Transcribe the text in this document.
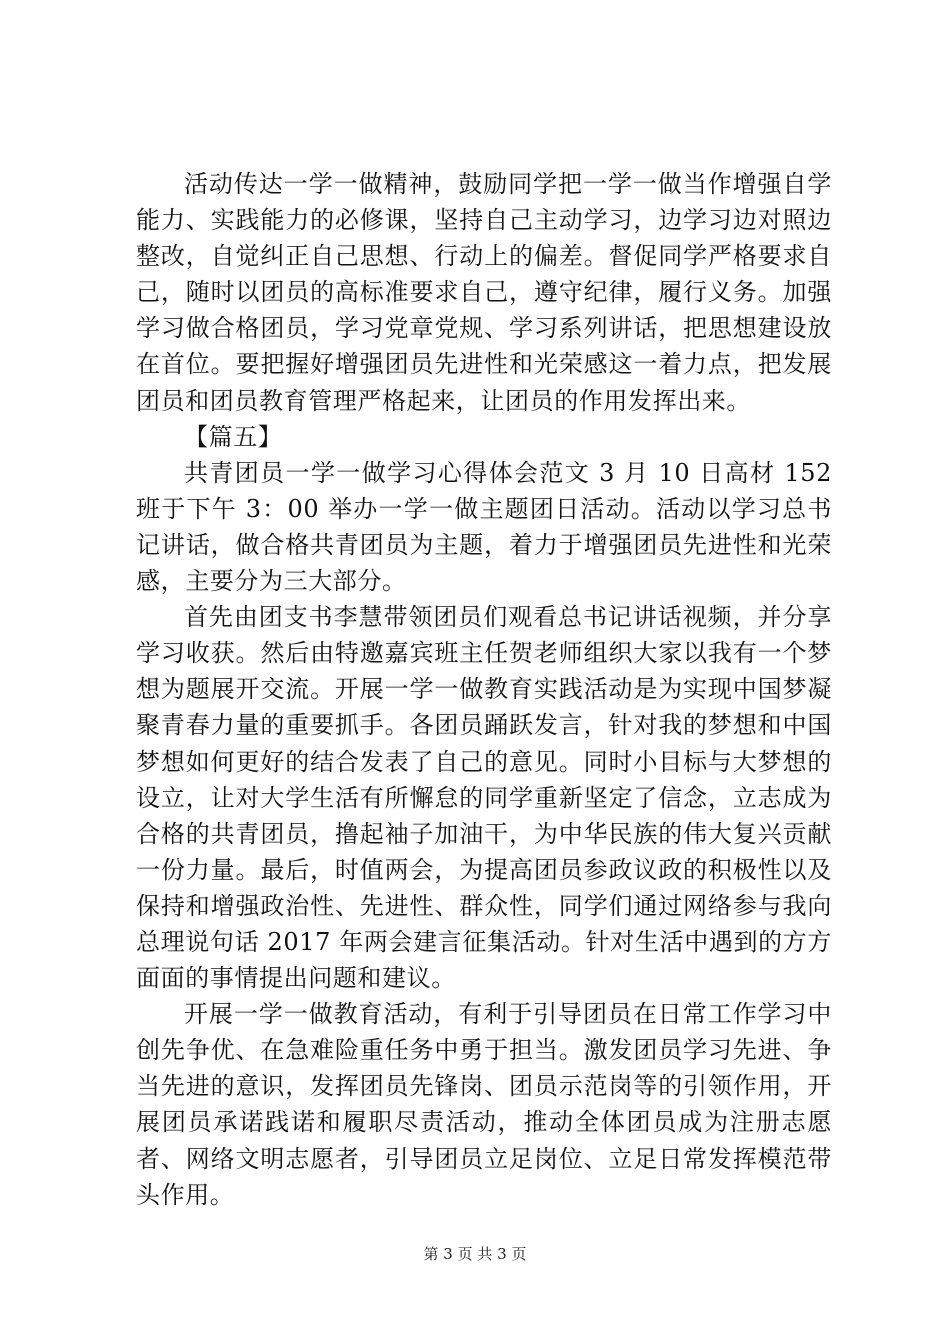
活动传达一学一做精神，鼓励同学把一学一做当作增强自学能力、实践能力的必修课，坚持自己主动学习，边学习边对照边整改，自觉纠正自己思想、行动上的偏差。督促同学严格要求自己，随时以团员的高标准要求自己，遵守纪律，履行义务。加强学习做合格团员，学习党章党规、学习系列讲话，把思想建设放在首位。要把握好增强团员先进性和光荣感这一着力点，把发展团员和团员教育管理严格起来，让团员的作用发挥出来。

【篇五】

共青团员一学一做学习心得体会范文 3 月 10 日高材 152 班于下午 3：00 举办一学一做主题团日活动。活动以学习总书记讲话，做合格共青团员为主题，着力于增强团员先进性和光荣感，主要分为三大部分。

首先由团支书李慧带领团员们观看总书记讲话视频，并分享学习收获。然后由特邀嘉宾班主任贺老师组织大家以我有一个梦想为题展开交流。开展一学一做教育实践活动是为实现中国梦凝聚青春力量的重要抓手。各团员踊跃发言，针对我的梦想和中国梦想如何更好的结合发表了自己的意见。同时小目标与大梦想的设立，让对大学生活有所懈怠的同学重新坚定了信念，立志成为合格的共青团员，撸起袖子加油干，为中华民族的伟大复兴贡献一份力量。最后，时值两会，为提高团员参政议政的积极性以及保持和增强政治性、先进性、群众性，同学们通过网络参与我向总理说句话 2017 年两会建言征集活动。针对生活中遇到的方方面面的事情提出问题和建议。

开展一学一做教育活动，有利于引导团员在日常工作学习中创先争优、在急难险重任务中勇于担当。激发团员学习先进、争当先进的意识，发挥团员先锋岗、团员示范岗等的引领作用，开展团员承诺践诺和履职尽责活动，推动全体团员成为注册志愿者、网络文明志愿者，引导团员立足岗位、立足日常发挥模范带头作用。

第 3 页 共 3 页
